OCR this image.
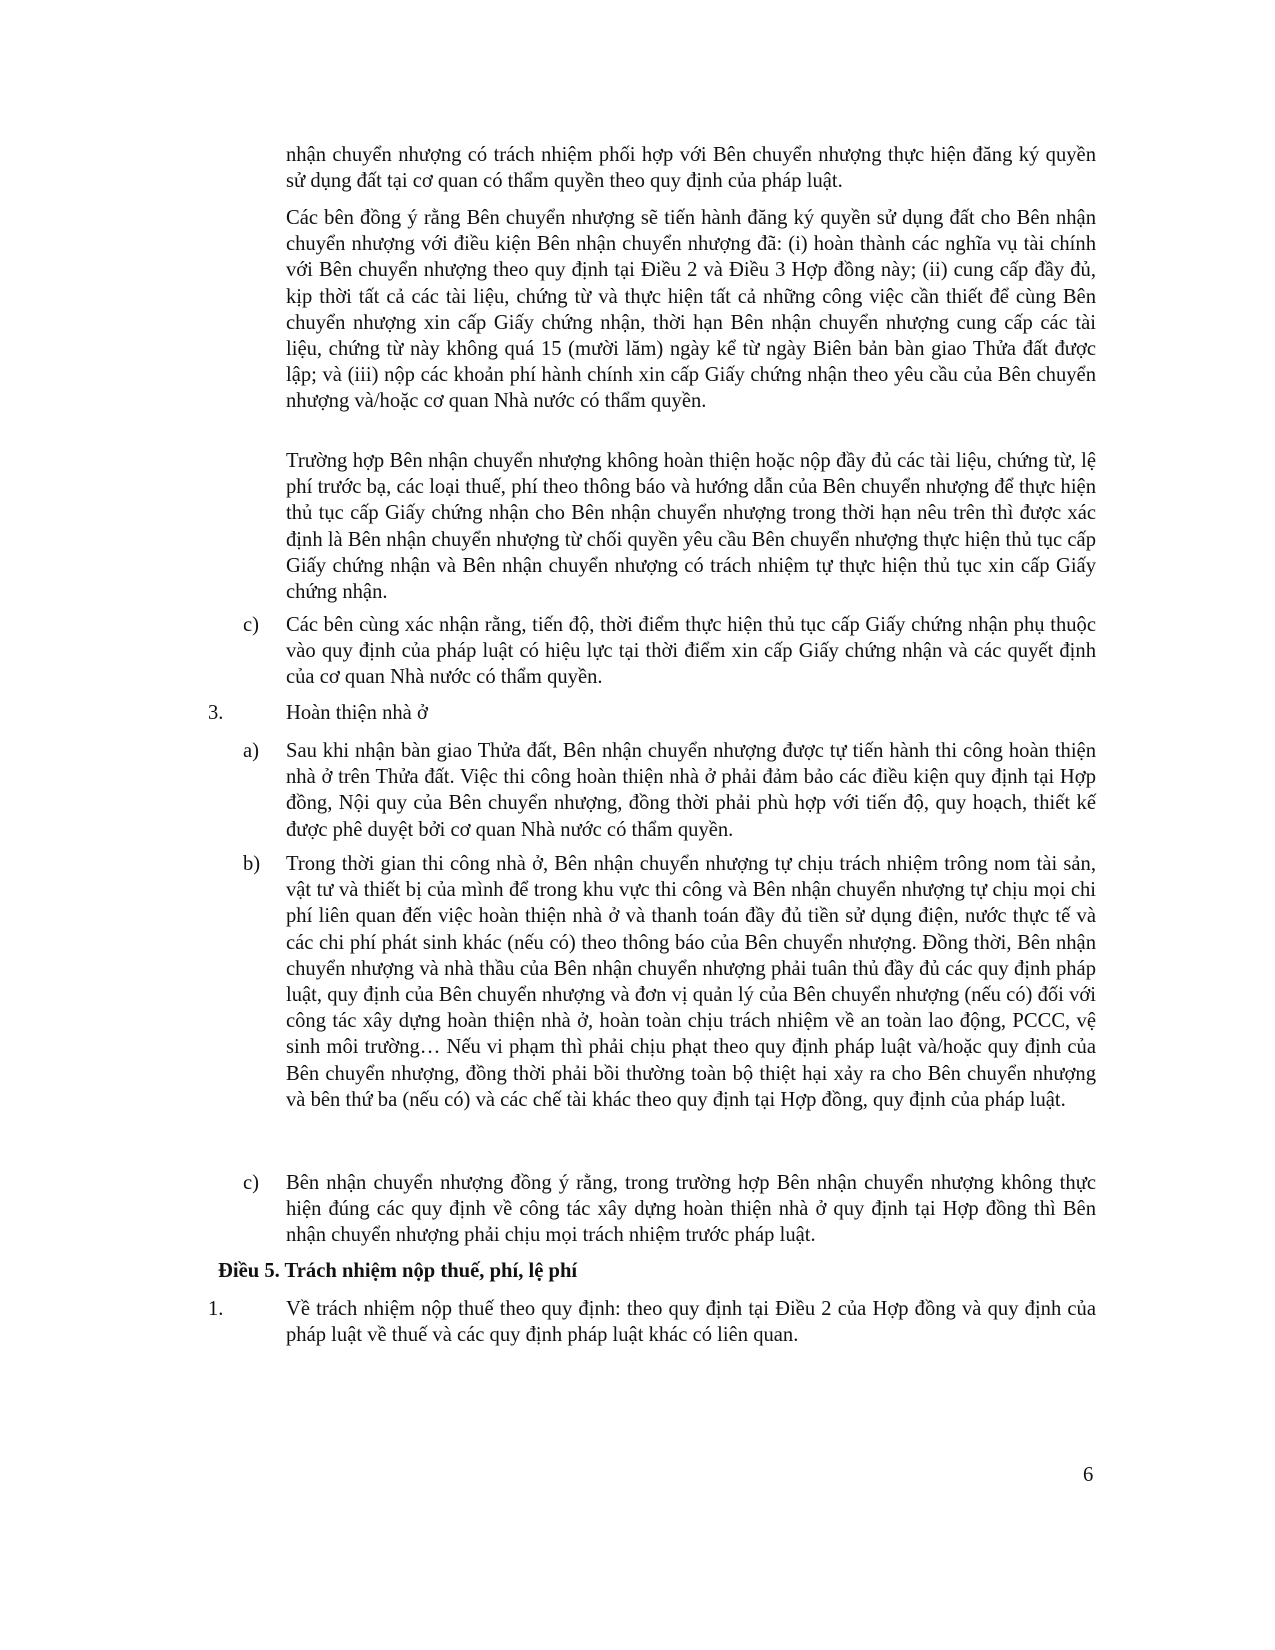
nhận chuyển nhượng có trách nhiệm phối hợp với Bên chuyển nhượng thực hiện đăng ký quyền sử dụng đất tại cơ quan có thẩm quyền theo quy định của pháp luật.

Các bên đồng ý rằng Bên chuyển nhượng sẽ tiến hành đăng ký quyền sử dụng đất cho Bên nhận chuyển nhượng với điều kiện Bên nhận chuyển nhượng đã: (i) hoàn thành các nghĩa vụ tài chính với Bên chuyển nhượng theo quy định tại Điều 2 và Điều 3 Hợp đồng này; (ii) cung cấp đầy đủ, kịp thời tất cả các tài liệu, chứng từ và thực hiện tất cả những công việc cần thiết để cùng Bên chuyển nhượng xin cấp Giấy chứng nhận, thời hạn Bên nhận chuyển nhượng cung cấp các tài liệu, chứng từ này không quá 15 (mười lăm) ngày kể từ ngày Biên bản bàn giao Thửa đất được lập; và (iii) nộp các khoản phí hành chính xin cấp Giấy chứng nhận theo yêu cầu của Bên chuyển nhượng và/hoặc cơ quan Nhà nước có thẩm quyền.

Trường hợp Bên nhận chuyển nhượng không hoàn thiện hoặc nộp đầy đủ các tài liệu, chứng từ, lệ phí trước bạ, các loại thuế, phí theo thông báo và hướng dẫn của Bên chuyển nhượng để thực hiện thủ tục cấp Giấy chứng nhận cho Bên nhận chuyển nhượng trong thời hạn nêu trên thì được xác định là Bên nhận chuyển nhượng từ chối quyền yêu cầu Bên chuyển nhượng thực hiện thủ tục cấp Giấy chứng nhận và Bên nhận chuyển nhượng có trách nhiệm tự thực hiện thủ tục xin cấp Giấy chứng nhận.

c) Các bên cùng xác nhận rằng, tiến độ, thời điểm thực hiện thủ tục cấp Giấy chứng nhận phụ thuộc vào quy định của pháp luật có hiệu lực tại thời điểm xin cấp Giấy chứng nhận và các quyết định của cơ quan Nhà nước có thẩm quyền.

3.	Hoàn thiện nhà ở
a) Sau khi nhận bàn giao Thửa đất, Bên nhận chuyển nhượng được tự tiến hành thi công hoàn thiện nhà ở trên Thửa đất. Việc thi công hoàn thiện nhà ở phải đảm bảo các điều kiện quy định tại Hợp đồng, Nội quy của Bên chuyển nhượng, đồng thời phải phù hợp với tiến độ, quy hoạch, thiết kế được phê duyệt bởi cơ quan Nhà nước có thẩm quyền.

b) Trong thời gian thi công nhà ở, Bên nhận chuyển nhượng tự chịu trách nhiệm trông nom tài sản, vật tư và thiết bị của mình để trong khu vực thi công và Bên nhận chuyển nhượng tự chịu mọi chi phí liên quan đến việc hoàn thiện nhà ở và thanh toán đầy đủ tiền sử dụng điện, nước thực tế và các chi phí phát sinh khác (nếu có) theo thông báo của Bên chuyển nhượng. Đồng thời, Bên nhận chuyển nhượng và nhà thầu của Bên nhận chuyển nhượng phải tuân thủ đầy đủ các quy định pháp luật, quy định của Bên chuyển nhượng và đơn vị quản lý của Bên chuyển nhượng (nếu có) đối với công tác xây dựng hoàn thiện nhà ở, hoàn toàn chịu trách nhiệm về an toàn lao động, PCCC, vệ sinh môi trường… Nếu vi phạm thì phải chịu phạt theo quy định pháp luật và/hoặc quy định của Bên chuyển nhượng, đồng thời phải bồi thường toàn bộ thiệt hại xảy ra cho Bên chuyển nhượng và bên thứ ba (nếu có) và các chế tài khác theo quy định tại Hợp đồng, quy định của pháp luật.

c) Bên nhận chuyển nhượng đồng ý rằng, trong trường hợp Bên nhận chuyển nhượng không thực hiện đúng các quy định về công tác xây dựng hoàn thiện nhà ở quy định tại Hợp đồng thì Bên nhận chuyển nhượng phải chịu mọi trách nhiệm trước pháp luật.

Điều 5. Trách nhiệm nộp thuế, phí, lệ phí
1.	Về trách nhiệm nộp thuế theo quy định: theo quy định tại Điều 2 của Hợp đồng và quy định của pháp luật về thuế và các quy định pháp luật khác có liên quan.

6
